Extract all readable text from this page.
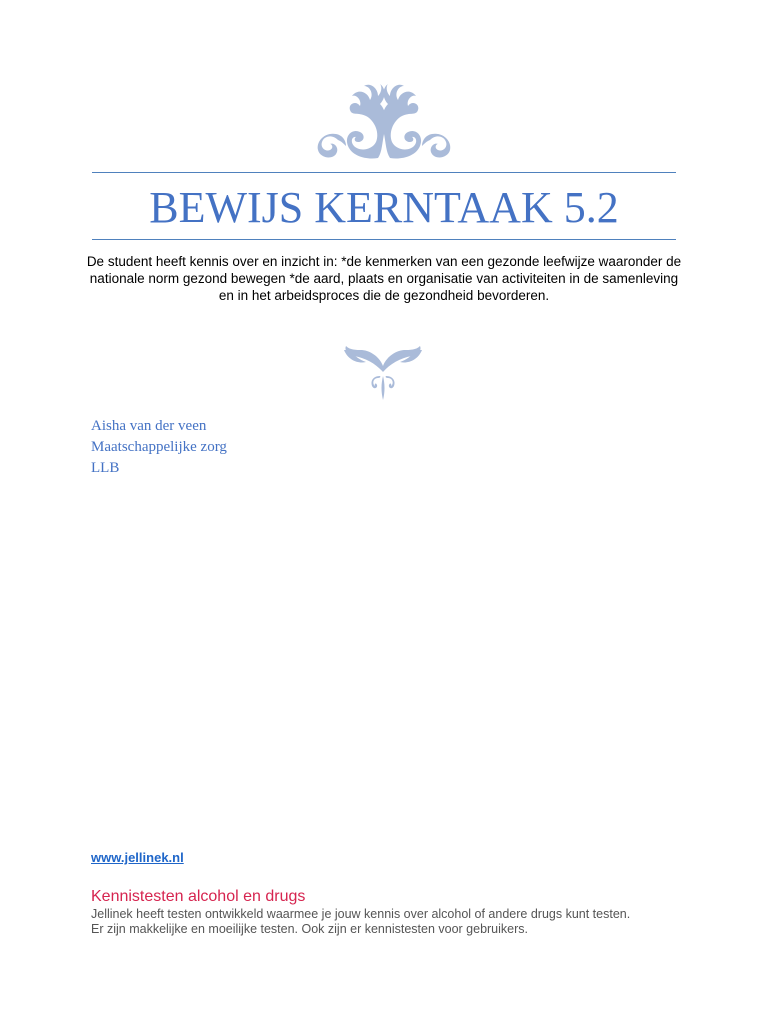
BEWIJS KERNTAAK 5.2

De student heeft kennis over en inzicht in: *de kenmerken van een gezonde leefwijze waaronder de nationale norm gezond bewegen *de aard, plaats en organisatie van activiteiten in de samenleving en in het arbeidsproces die de gezondheid bevorderen.

Aisha van der veen
Maatschappelijke zorg
LLB
www.jellinek.nl
Kennistesten alcohol en drugs
Jellinek heeft testen ontwikkeld waarmee je jouw kennis over alcohol of andere drugs kunt testen.
Er zijn makkelijke en moeilijke testen. Ook zijn er kennistesten voor gebruikers.
